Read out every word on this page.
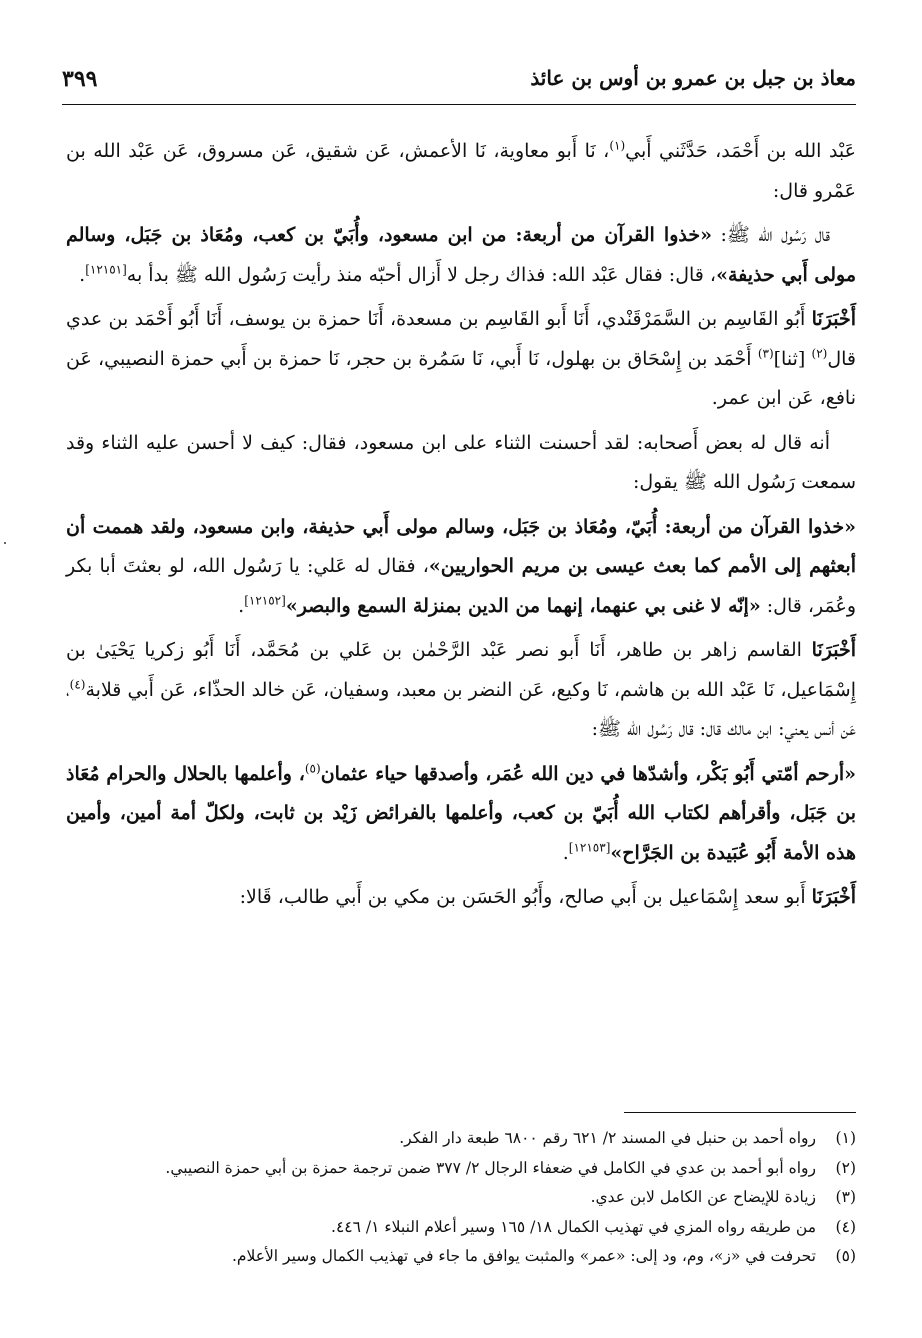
معاذ بن جبل بن عمرو بن أوس بن عائذ
٣٩٩

عَبْد الله بن أَحْمَد، حَدَّثَني أَبي$^{(١)}$، نَا أَبو معاوية، نَا الأعمش، عَن شقيق، عَن مسروق، عَن عَبْد الله بن عَمْرو قال:

قال رَسُول الله ﷺ: «خذوا القرآن من أربعة: من ابن مسعود، وأُبَيّ بن كعب، ومُعَاذ بن جَبَل، وسالم مولى أَبي حذيفة»، قال: فقال عَبْد الله: فذاك رجل لا أَزال أحبّه منذ رأيت رَسُول الله ﷺ بدأ به[١٢١٥١].

أَخْبَرَنَا أَبُو القَاسِم بن السَّمَرْقَنْدي، أَنَا أَبو القَاسِم بن مسعدة، أَنَا حمزة بن يوسف، أَنَا أَبُو أَحْمَد بن عدي قال$^{(٢)}$ [ثنا]$^{(٣)}$ أَحْمَد بن إِسْحَاق بن بهلول، نَا أَبي، نَا سَمُرة بن حجر، نَا حمزة بن أَبي حمزة النصيبي، عَن نافع، عَن ابن عمر.

أنه قال له بعض أَصحابه: لقد أحسنت الثناء على ابن مسعود، فقال: كيف لا أحسن عليه الثناء وقد سمعت رَسُول الله ﷺ يقول:

«خذوا القرآن من أربعة: أُبَيّ، ومُعَاذ بن جَبَل، وسالم مولى أَبي حذيفة، وابن مسعود، ولقد هممت أن أبعثهم إلى الأمم كما بعث عيسى بن مريم الحواريين»، فقال له عَلي: يا رَسُول الله، لو بعثتَ أبا بكر وعُمَر، قال: «إنّه لا غنى بي عنهما، إنهما من الدين بمنزلة السمع والبصر»[١٢١٥٢].

أَخْبَرَنَا القاسم زاهر بن طاهر، أَنَا أَبو نصر عَبْد الرَّحْمٰن بن عَلي بن مُحَمَّد، أَنَا أَبُو زكريا يَحْيَىٰ بن إِسْمَاعيل، نَا عَبْد الله بن هاشم، نَا وكيع، عَن النضر بن معبد، وسفيان، عَن خالد الحذّاء، عَن أَبي قلابة$^{(٤)}$، عَن أنس يعني: ابن مالك قال: قال رَسُول الله ﷺ:

«أرحم أمّتي أَبُو بَكْر، وأشدّها في دين الله عُمَر، وأصدقها حياء عثمان$^{(٥)}$، وأعلمها بالحلال والحرام مُعَاذ بن جَبَل، وأقرأهم لكتاب الله أُبَيّ بن كعب، وأعلمها بالفرائض زَيْد بن ثابت، ولكلّ أمة أمين، وأمين هذه الأمة أَبُو عُبَيدة بن الجَرَّاح»[١٢١٥٣].

أَخْبَرَنَا أَبو سعد إِسْمَاعيل بن أَبي صالح، وأَبُو الحَسَن بن مكي بن أَبي طالب، قَالا:

(١)
رواه أحمد بن حنبل في المسند ٢/ ٦٢١ رقم ٦٨٠٠ طبعة دار الفكر.
(٢)
رواه أبو أحمد بن عدي في الكامل في ضعفاء الرجال ٢/ ٣٧٧ ضمن ترجمة حمزة بن أبي حمزة النصيبي.
(٣)
زيادة للإيضاح عن الكامل لابن عدي.
(٤)
من طريقه رواه المزي في تهذيب الكمال ١٨/ ١٦٥ وسير أعلام النبلاء ١/ ٤٤٦.
(٥)
تحرفت في «ز»، وم، ود إلى: «عمر» والمثبت يوافق ما جاء في تهذيب الكمال وسير الأعلام.
